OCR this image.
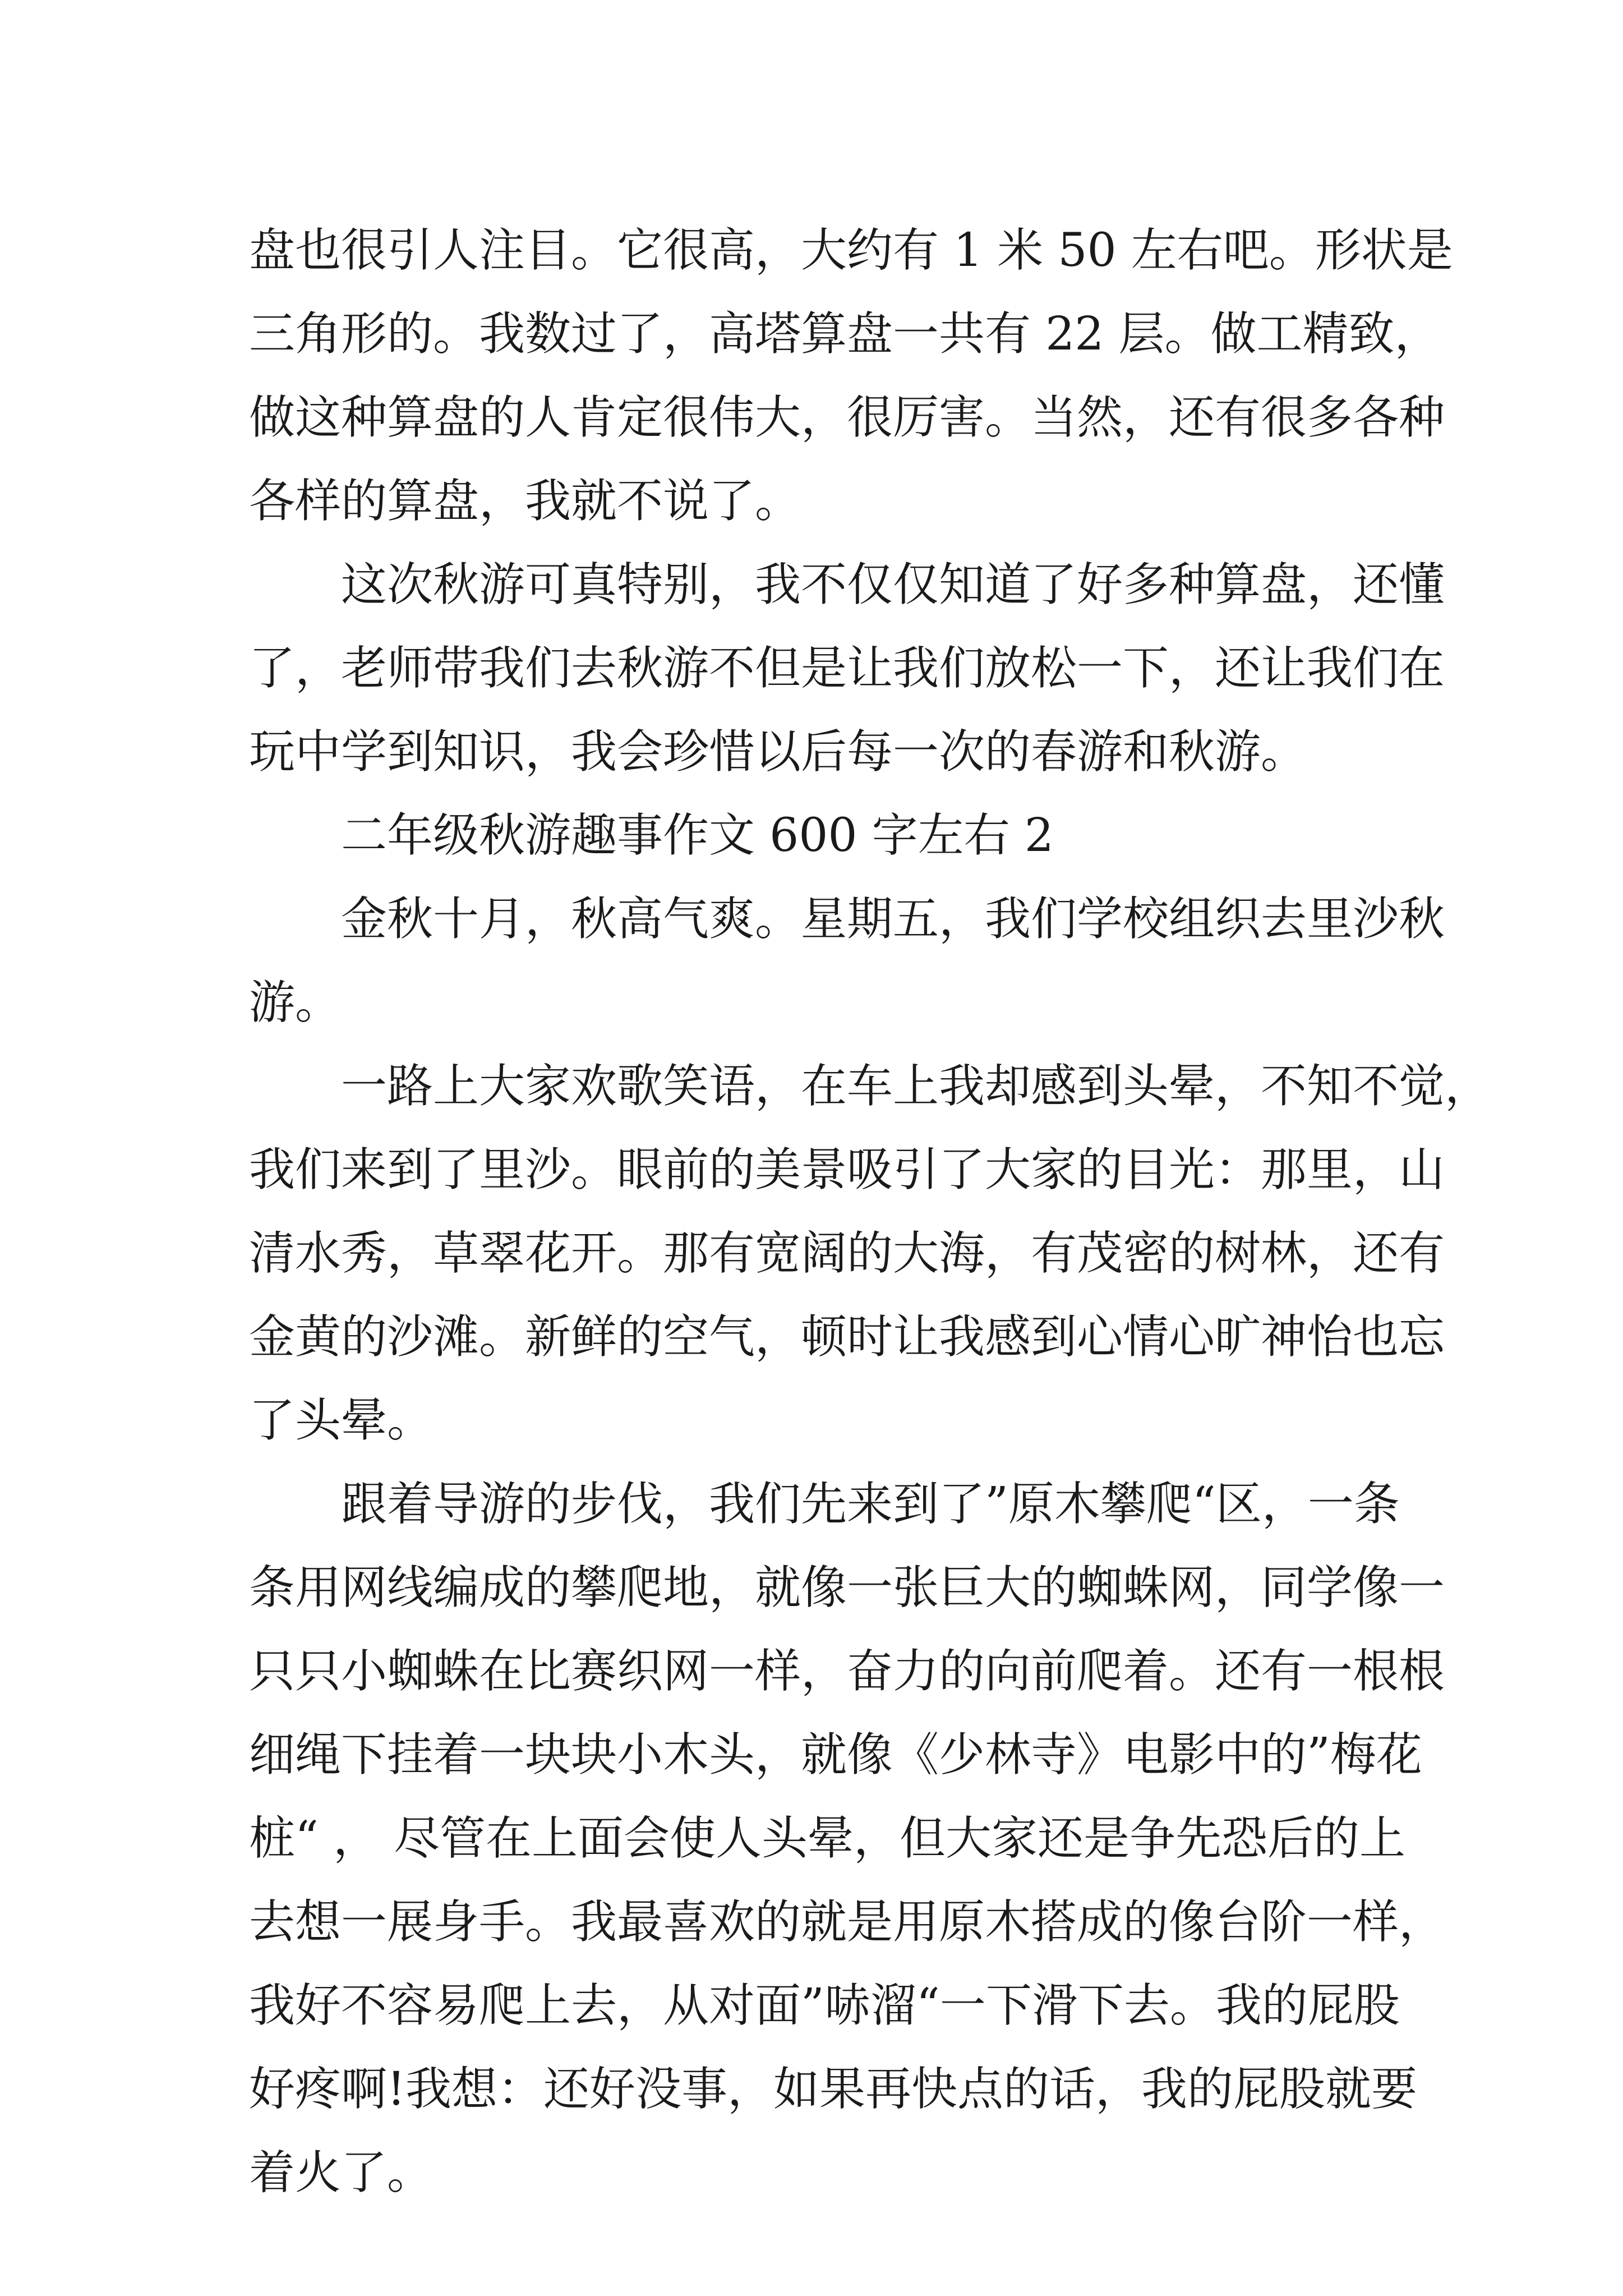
盘也很引人注目。它很高，大约有 1 米 50 左右吧。形状是
三角形的。我数过了，高塔算盘一共有 22 层。做工精致，
做这种算盘的人肯定很伟大，很厉害。当然，还有很多各种
各样的算盘，我就不说了。
这次秋游可真特别，我不仅仅知道了好多种算盘，还懂
了，老师带我们去秋游不但是让我们放松一下，还让我们在
玩中学到知识，我会珍惜以后每一次的春游和秋游。
二年级秋游趣事作文 600 字左右 2
金秋十月，秋高气爽。星期五，我们学校组织去里沙秋
游。
一路上大家欢歌笑语，在车上我却感到头晕，不知不觉，
我们来到了里沙。眼前的美景吸引了大家的目光：那里，山
清水秀，草翠花开。那有宽阔的大海，有茂密的树林，还有
金黄的沙滩。新鲜的空气，顿时让我感到心情心旷神怡也忘
了头晕。
跟着导游的步伐，我们先来到了”原木攀爬“区，一条
条用网线编成的攀爬地，就像一张巨大的蜘蛛网，同学像一
只只小蜘蛛在比赛织网一样，奋力的向前爬着。还有一根根
细绳下挂着一块块小木头，就像《少林寺》电影中的”梅花
桩“ ， 尽管在上面会使人头晕，但大家还是争先恐后的上
去想一展身手。我最喜欢的就是用原木搭成的像台阶一样，
我好不容易爬上去，从对面”哧溜“一下滑下去。我的屁股
好疼啊!我想：还好没事，如果再快点的话，我的屁股就要
着火了。
